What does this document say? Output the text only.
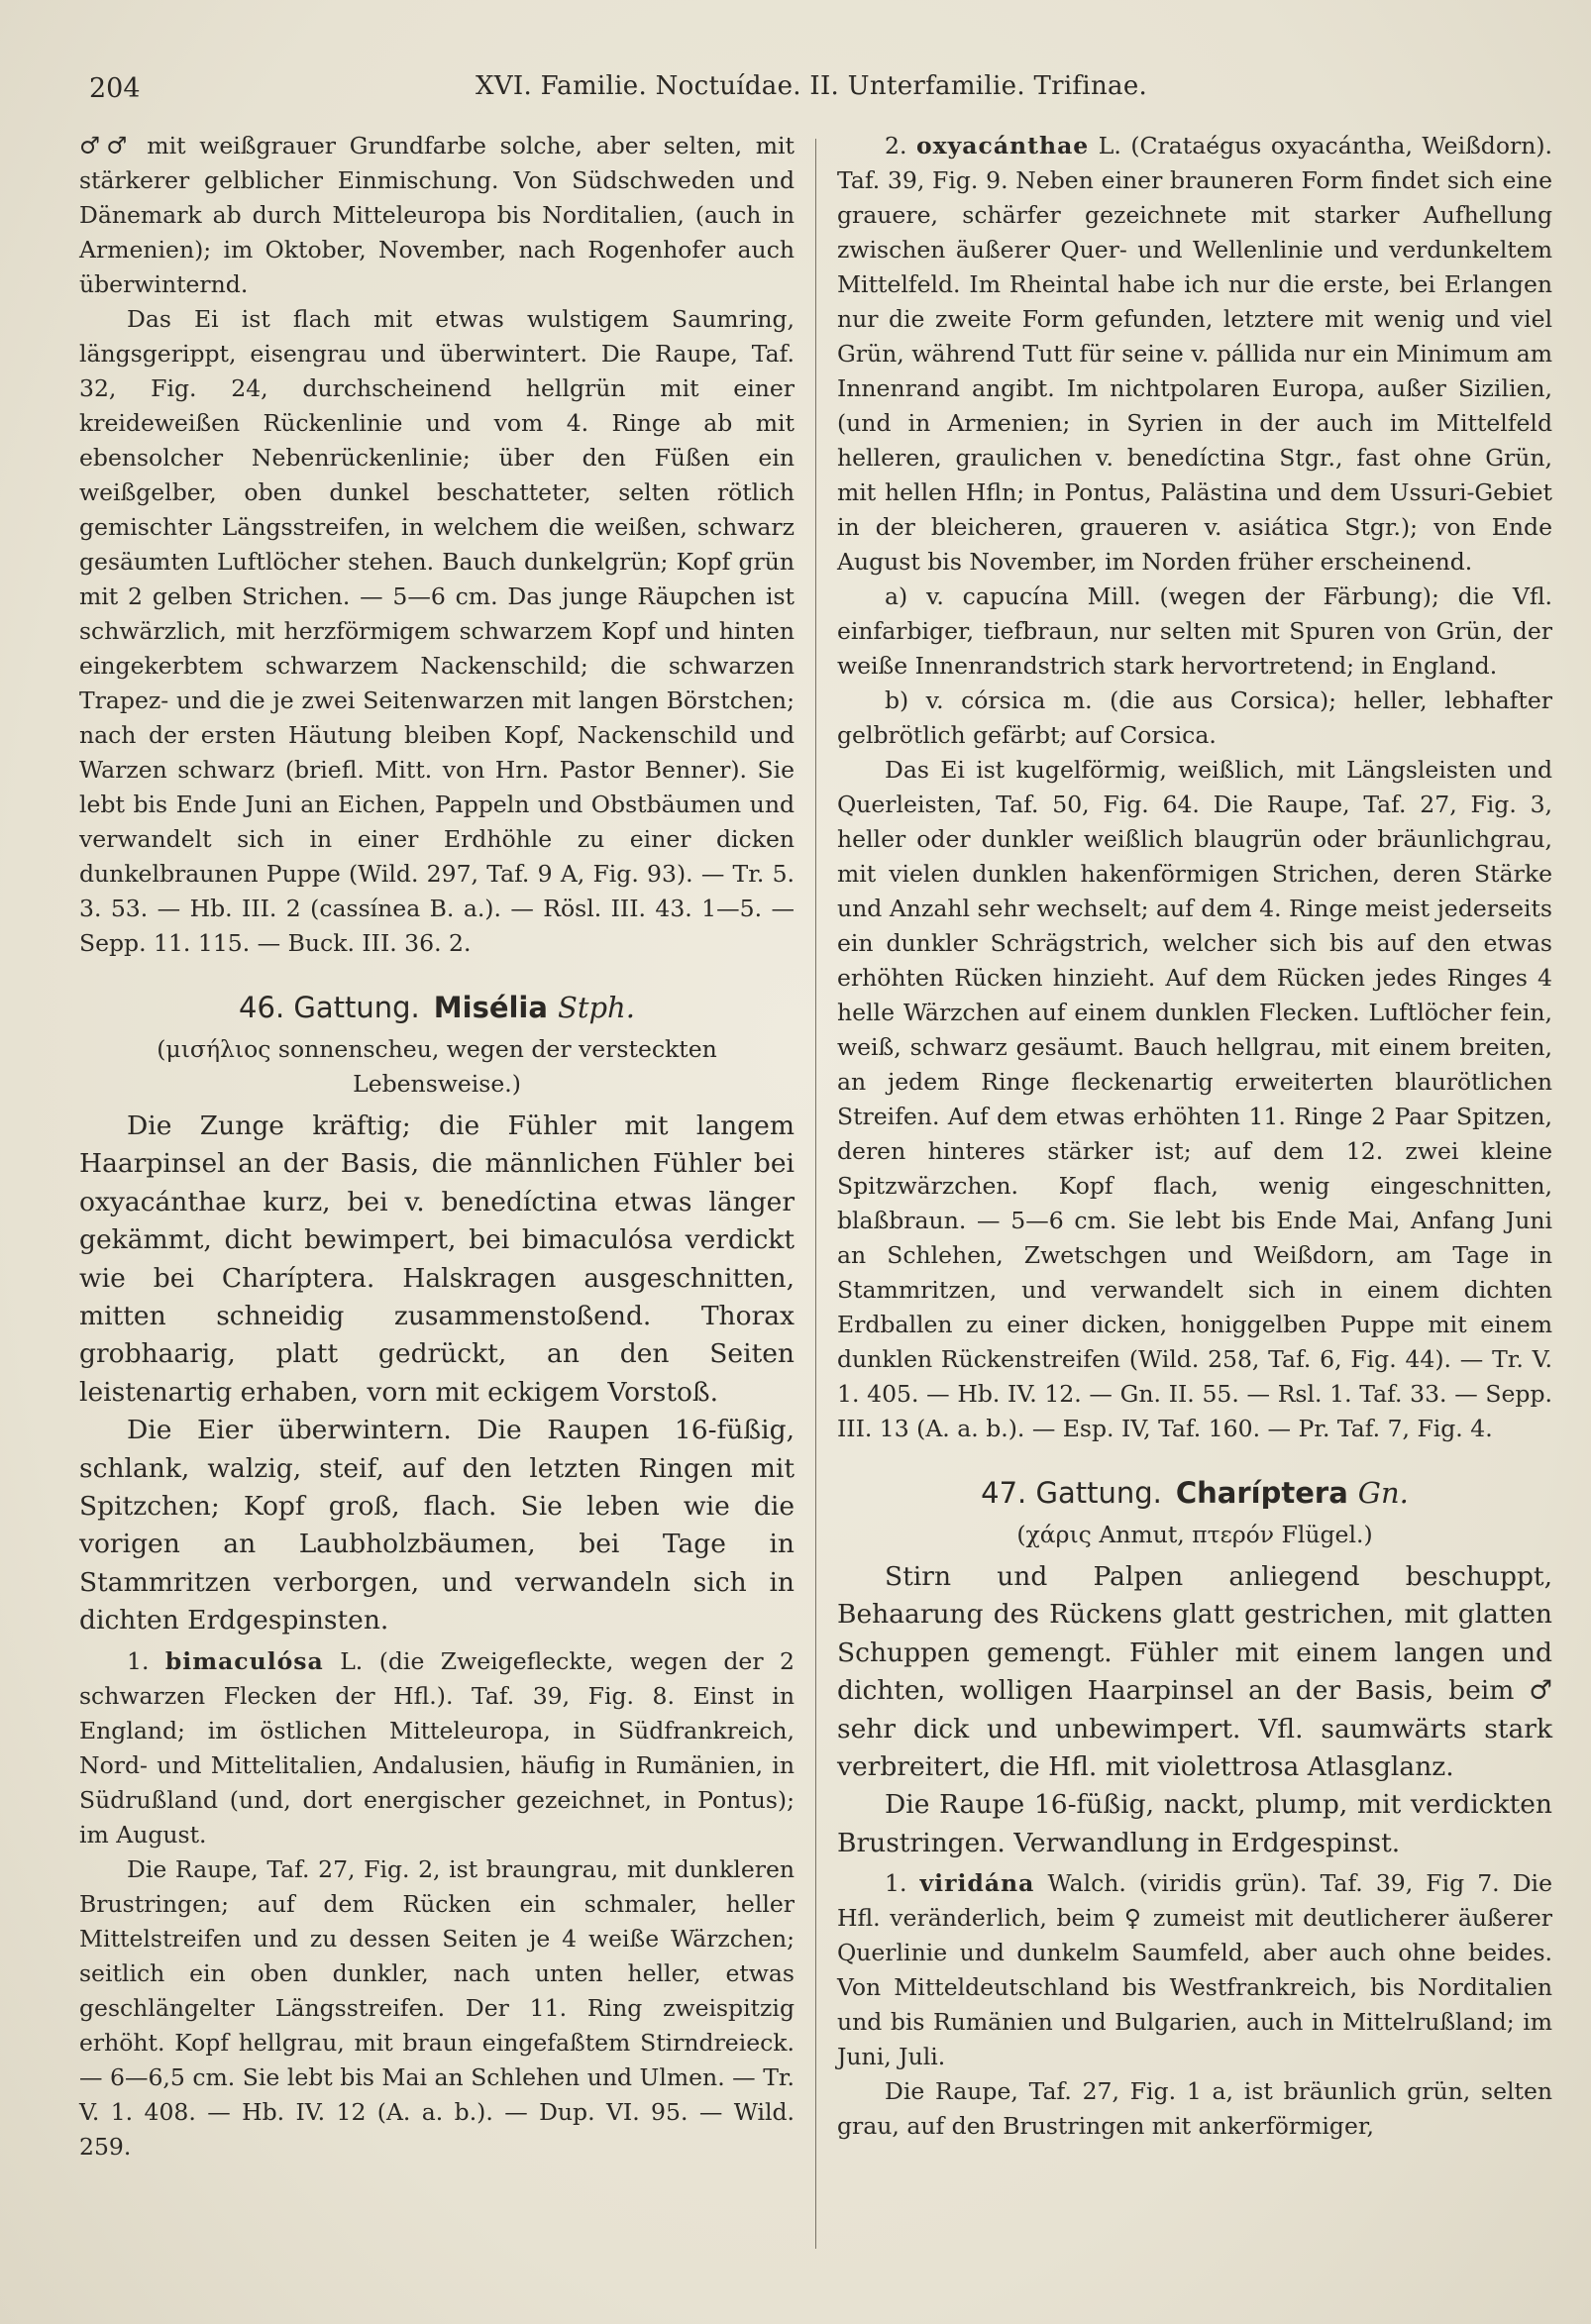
204	XVI. Familie. Noctuídae. II. Unterfamilie. Trifinae.

♂♂ mit weißgrauer Grundfarbe solche, aber selten, mit stärkerer gelblicher Einmischung. Von Südschweden und Dänemark ab durch Mitteleuropa bis Norditalien, (auch in Armenien); im Oktober, November, nach Rogenhofer auch überwinternd.

Das Ei ist flach mit etwas wulstigem Saumring, längsgerippt, eisengrau und überwintert. Die Raupe, Taf. 32, Fig. 24, durchscheinend hellgrün mit einer kreideweißen Rückenlinie und vom 4. Ringe ab mit ebensolcher Nebenrückenlinie; über den Füßen ein weißgelber, oben dunkel beschatteter, selten rötlich gemischter Längsstreifen, in welchem die weißen, schwarz gesäumten Luftlöcher stehen. Bauch dunkelgrün; Kopf grün mit 2 gelben Strichen. — 5—6 cm. Das junge Räupchen ist schwärzlich, mit herzförmigem schwarzem Kopf und hinten eingekerbtem schwarzem Nackenschild; die schwarzen Trapez- und die je zwei Seitenwarzen mit langen Börstchen; nach der ersten Häutung bleiben Kopf, Nackenschild und Warzen schwarz (briefl. Mitt. von Hrn. Pastor Benner). Sie lebt bis Ende Juni an Eichen, Pappeln und Obstbäumen und verwandelt sich in einer Erdhöhle zu einer dicken dunkelbraunen Puppe (Wild. 297, Taf. 9 A, Fig. 93). — Tr. 5. 3. 53. — Hb. III. 2 (cassínea B. a.). — Rösl. III. 43. 1—5. — Sepp. 11. 115. — Buck. III. 36. 2.

46. Gattung. Misélia Stph.

(μισήλιος sonnenscheu, wegen der versteckten Lebensweise.)

Die Zunge kräftig; die Fühler mit langem Haarpinsel an der Basis, die männlichen Fühler bei oxyacánthae kurz, bei v. benedíctina etwas länger gekämmt, dicht bewimpert, bei bimaculósa verdickt wie bei Charíptera. Halskragen ausgeschnitten, mitten schneidig zusammenstoßend. Thorax grobhaarig, platt gedrückt, an den Seiten leistenartig erhaben, vorn mit eckigem Vorstoß.

Die Eier überwintern. Die Raupen 16-füßig, schlank, walzig, steif, auf den letzten Ringen mit Spitzchen; Kopf groß, flach. Sie leben wie die vorigen an Laubholzbäumen, bei Tage in Stammritzen verborgen, und verwandeln sich in dichten Erdgespinsten.

1. bimaculósa L. (die Zweigefleckte, wegen der 2 schwarzen Flecken der Hfl.). Taf. 39, Fig. 8. Einst in England; im östlichen Mitteleuropa, in Südfrankreich, Nord- und Mittelitalien, Andalusien, häufig in Rumänien, in Südrußland (und, dort energischer gezeichnet, in Pontus); im August.

Die Raupe, Taf. 27, Fig. 2, ist braungrau, mit dunkleren Brustringen; auf dem Rücken ein schmaler, heller Mittelstreifen und zu dessen Seiten je 4 weiße Wärzchen; seitlich ein oben dunkler, nach unten heller, etwas geschlängelter Längsstreifen. Der 11. Ring zweispitzig erhöht. Kopf hellgrau, mit braun eingefaßtem Stirndreieck. — 6—6,5 cm. Sie lebt bis Mai an Schlehen und Ulmen. — Tr. V. 1. 408. — Hb. IV. 12 (A. a. b.). — Dup. VI. 95. — Wild. 259.

2. oxyacánthae L. (Crataégus oxyacántha, Weißdorn). Taf. 39, Fig. 9. Neben einer brauneren Form findet sich eine grauere, schärfer gezeichnete mit starker Aufhellung zwischen äußerer Quer- und Wellenlinie und verdunkeltem Mittelfeld. Im Rheintal habe ich nur die erste, bei Erlangen nur die zweite Form gefunden, letztere mit wenig und viel Grün, während Tutt für seine v. pállida nur ein Minimum am Innenrand angibt. Im nichtpolaren Europa, außer Sizilien, (und in Armenien; in Syrien in der auch im Mittelfeld helleren, graulichen v. benedíctina Stgr., fast ohne Grün, mit hellen Hfln; in Pontus, Palästina und dem Ussuri-Gebiet in der bleicheren, graueren v. asiática Stgr.); von Ende August bis November, im Norden früher erscheinend.

a) v. capucína Mill. (wegen der Färbung); die Vfl. einfarbiger, tiefbraun, nur selten mit Spuren von Grün, der weiße Innenrandstrich stark hervortretend; in England.

b) v. córsica m. (die aus Corsica); heller, lebhafter gelbrötlich gefärbt; auf Corsica.

Das Ei ist kugelförmig, weißlich, mit Längsleisten und Querleisten, Taf. 50, Fig. 64. Die Raupe, Taf. 27, Fig. 3, heller oder dunkler weißlich blaugrün oder bräunlichgrau, mit vielen dunklen hakenförmigen Strichen, deren Stärke und Anzahl sehr wechselt; auf dem 4. Ringe meist jederseits ein dunkler Schrägstrich, welcher sich bis auf den etwas erhöhten Rücken hinzieht. Auf dem Rücken jedes Ringes 4 helle Wärzchen auf einem dunklen Flecken. Luftlöcher fein, weiß, schwarz gesäumt. Bauch hellgrau, mit einem breiten, an jedem Ringe fleckenartig erweiterten blaurötlichen Streifen. Auf dem etwas erhöhten 11. Ringe 2 Paar Spitzen, deren hinteres stärker ist; auf dem 12. zwei kleine Spitzwärzchen. Kopf flach, wenig eingeschnitten, blaßbraun. — 5—6 cm. Sie lebt bis Ende Mai, Anfang Juni an Schlehen, Zwetschgen und Weißdorn, am Tage in Stammritzen, und verwandelt sich in einem dichten Erdballen zu einer dicken, honiggelben Puppe mit einem dunklen Rückenstreifen (Wild. 258, Taf. 6, Fig. 44). — Tr. V. 1. 405. — Hb. IV. 12. — Gn. II. 55. — Rsl. 1. Taf. 33. — Sepp. III. 13 (A. a. b.). — Esp. IV, Taf. 160. — Pr. Taf. 7, Fig. 4.

47. Gattung. Charíptera Gn.

(χάρις Anmut, πτερόν Flügel.)

Stirn und Palpen anliegend beschuppt, Behaarung des Rückens glatt gestrichen, mit glatten Schuppen gemengt. Fühler mit einem langen und dichten, wolligen Haarpinsel an der Basis, beim ♂ sehr dick und unbewimpert. Vfl. saumwärts stark verbreitert, die Hfl. mit violettrosa Atlasglanz.

Die Raupe 16-füßig, nackt, plump, mit verdickten Brustringen. Verwandlung in Erdgespinst.

1. viridána Walch. (viridis grün). Taf. 39, Fig 7. Die Hfl. veränderlich, beim ♀ zumeist mit deutlicherer äußerer Querlinie und dunkelm Saumfeld, aber auch ohne beides. Von Mitteldeutschland bis Westfrankreich, bis Norditalien und bis Rumänien und Bulgarien, auch in Mittelrußland; im Juni, Juli.

Die Raupe, Taf. 27, Fig. 1 a, ist bräunlich grün, selten grau, auf den Brustringen mit ankerförmiger,
